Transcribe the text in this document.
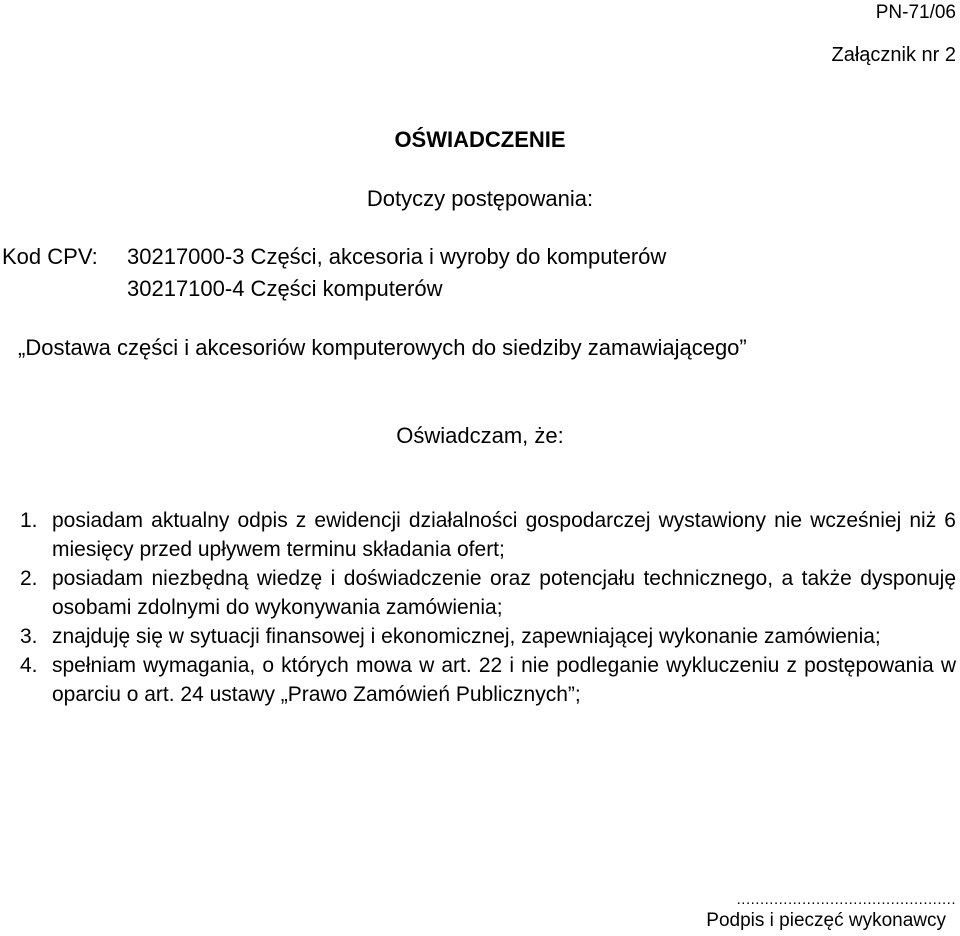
PN-71/06
Załącznik nr 2
OŚWIADCZENIE
Dotyczy postępowania:
Kod CPV: 30217000-3 Części, akcesoria i wyroby do komputerów
30217100-4 Części komputerów
„Dostawa części i akcesoriów komputerowych do siedziby zamawiającego”
Oświadczam, że:
1. posiadam aktualny odpis z ewidencji działalności gospodarczej wystawiony nie wcześniej niż 6 miesięcy przed upływem terminu składania ofert;
2. posiadam niezbędną wiedzę i doświadczenie oraz potencjału technicznego, a także dysponuję osobami zdolnymi do wykonywania zamówienia;
3. znajduję się w sytuacji finansowej i ekonomicznej, zapewniającej wykonanie zamówienia;
4. spełniam wymagania, o których mowa w art. 22 i nie podleganie wykluczeniu z postępowania w oparciu o art. 24 ustawy „Prawo Zamówień Publicznych”;
...............................................
Podpis i pieczęć wykonawcy
